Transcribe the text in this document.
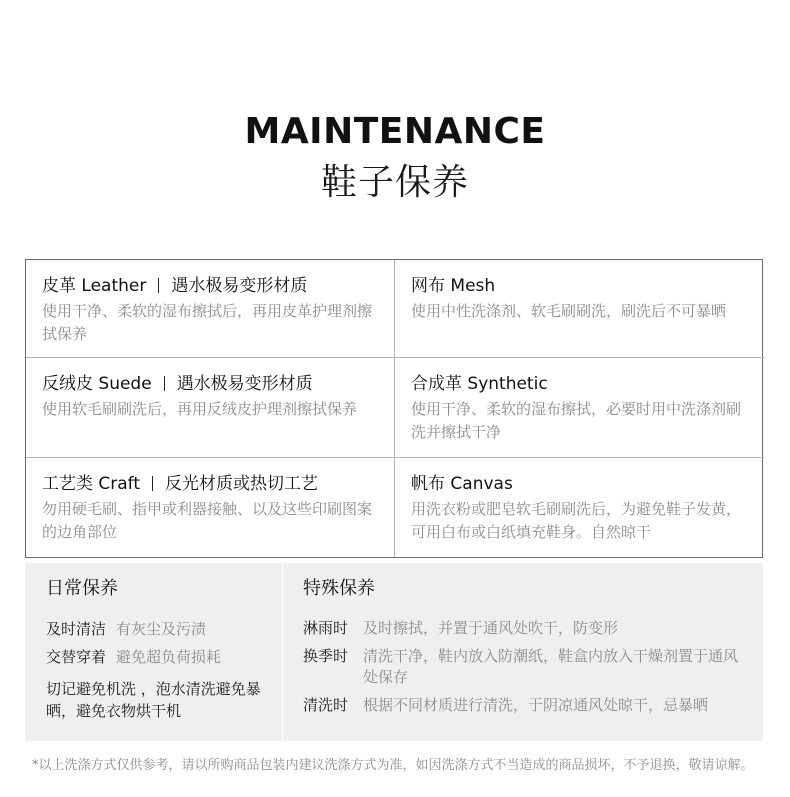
MAINTENANCE
鞋子保养
皮革 Leather 遇水极易变形材质
使用干净、柔软的湿布擦拭后，再用皮革护理剂擦拭保养
网布 Mesh
使用中性洗涤剂、软毛刷刷洗，刷洗后不可暴晒
反绒皮 Suede 遇水极易变形材质
使用软毛刷刷洗后，再用反绒皮护理剂擦拭保养
合成革 Synthetic
使用干净、柔软的湿布擦拭，必要时用中洗涤剂刷洗并擦拭干净
工艺类 Craft 反光材质或热切工艺
勿用硬毛刷、指甲或利器接触、以及这些印刷图案的边角部位
帆布 Canvas
用洗衣粉或肥皂软毛刷刷洗后，为避免鞋子发黄，可用白布或白纸填充鞋身。自然晾干
日常保养
及时清洁 有灰尘及污渍
交替穿着 避免超负荷损耗
切记避免机洗 ，泡水清洗避免暴晒，避免衣物烘干机
特殊保养
淋雨时 及时擦拭，并置于通风处吹干，防变形
换季时 清洗干净，鞋内放入防潮纸，鞋盒内放入干燥剂置于通风处保存
清洗时 根据不同材质进行清洗，于阴凉通风处晾干，忌暴晒
*以上洗涤方式仅供参考，请以所购商品包装内建议洗涤方式为准，如因洗涤方式不当造成的商品损坏，不予退换，敬请谅解。
